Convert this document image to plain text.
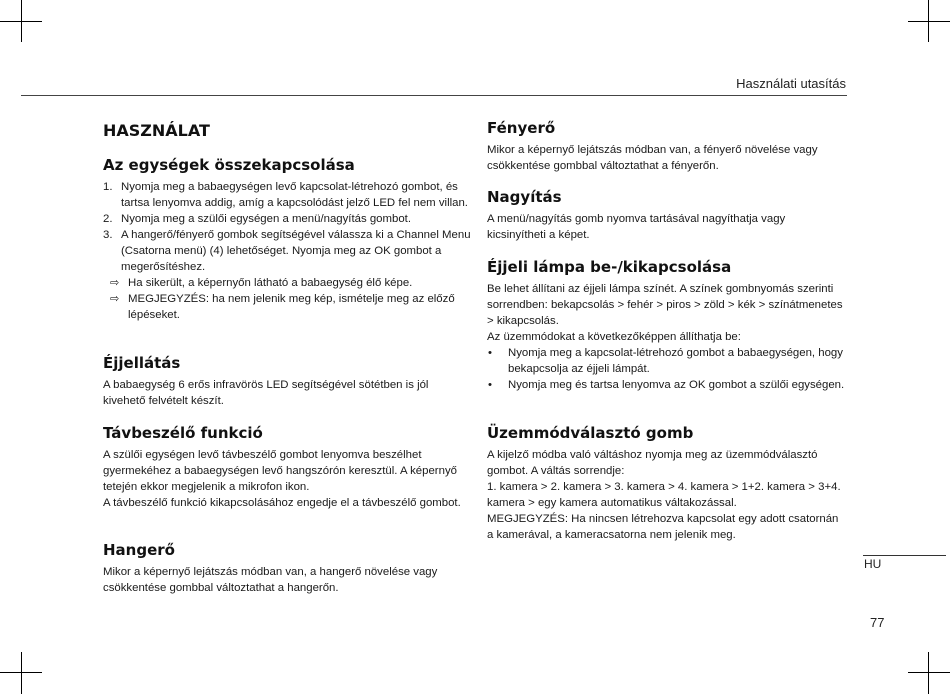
Használati utasítás
HASZNÁLAT
Az egységek összekapcsolása
1. Nyomja meg a babaegységen levő kapcsolat-létrehozó gombot, és tartsa lenyomva addig, amíg a kapcsolódást jelző LED fel nem villan.
2. Nyomja meg a szülői egységen a menü/nagyítás gombot.
3. A hangerő/fényerő gombok segítségével válassza ki a Channel Menu (Csatorna menü) (4) lehetőséget. Nyomja meg az OK gombot a megerősítéshez.
⇨ Ha sikerült, a képernyőn látható a babaegység élő képe.
⇨ MEGJEGYZÉS: ha nem jelenik meg kép, ismételje meg az előző lépéseket.
Éjjellátás

A babaegység 6 erős infravörös LED segítségével sötétben is jól kivehető felvételt készít.

Távbeszélő funkció

A szülői egységen levő távbeszélő gombot lenyomva beszélhet gyermekéhez a babaegységen levő hangszórón keresztül. A képernyő tetején ekkor megjelenik a mikrofon ikon.

A távbeszélő funkció kikapcsolásához engedje el a távbeszélő gombot.

Hangerő

Mikor a képernyő lejátszás módban van, a hangerő növelése vagy csökkentése gombbal változtathat a hangerőn.

Fényerő

Mikor a képernyő lejátszás módban van, a fényerő növelése vagy csökkentése gombbal változtathat a fényerőn.

Nagyítás

A menü/nagyítás gomb nyomva tartásával nagyíthatja vagy kicsinyítheti a képet.

Éjjeli lámpa be-/kikapcsolása

Be lehet állítani az éjjeli lámpa színét. A színek gombnyomás szerinti sorrendben: bekapcsolás > fehér > piros > zöld > kék > színátmenetes > kikapcsolás.

Az üzemmódokat a következőképpen állíthatja be:

• Nyomja meg a kapcsolat-létrehozó gombot a babaegységen, hogy bekapcsolja az éjjeli lámpát.
• Nyomja meg és tartsa lenyomva az OK gombot a szülői egységen.
Üzemmódválasztó gomb

A kijelző módba való váltáshoz nyomja meg az üzemmódválasztó gombot. A váltás sorrendje:

1. kamera > 2. kamera > 3. kamera > 4. kamera > 1+2. kamera > 3+4. kamera > egy kamera automatikus váltakozással.

MEGJEGYZÉS: Ha nincsen létrehozva kapcsolat egy adott csatornán a kamerával, a kameracsatorna nem jelenik meg.

HU
77
